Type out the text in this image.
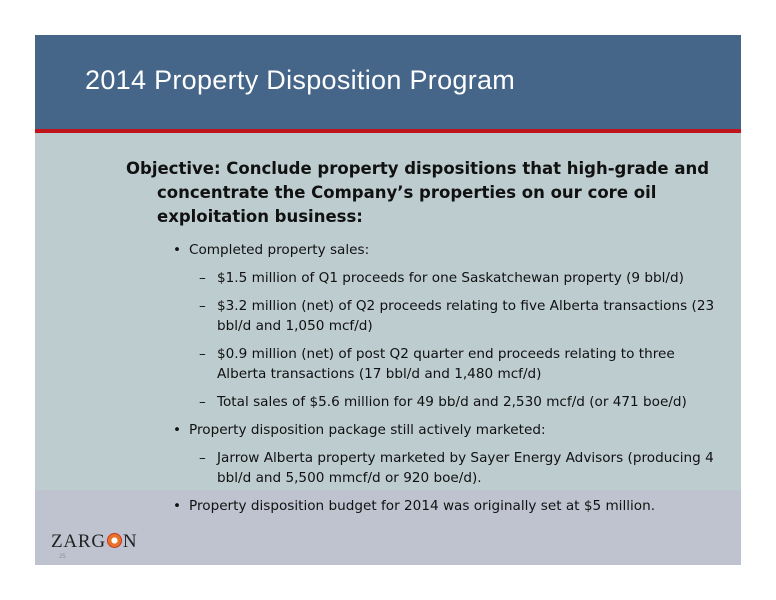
2014 Property Disposition Program

Objective: Conclude property dispositions that high-grade and concentrate the Company’s properties on our core oil exploitation business:

• Completed property sales:
– $1.5 million of Q1 proceeds for one Saskatchewan property (9 bbl/d)
– $3.2 million (net) of Q2 proceeds relating to five Alberta transactions (23 bbl/d and 1,050 mcf/d)
– $0.9 million (net) of post Q2 quarter end proceeds relating to three Alberta transactions (17 bbl/d and 1,480 mcf/d)
– Total sales of $5.6 million for 49 bb/d and 2,530 mcf/d (or 471 boe/d)
• Property disposition package still actively marketed:
– Jarrow Alberta property marketed by Sayer Energy Advisors (producing 4 bbl/d and 5,500 mmcf/d or 920 boe/d).
• Property disposition budget for 2014 was originally set at $5 million.
ZARG N
25
